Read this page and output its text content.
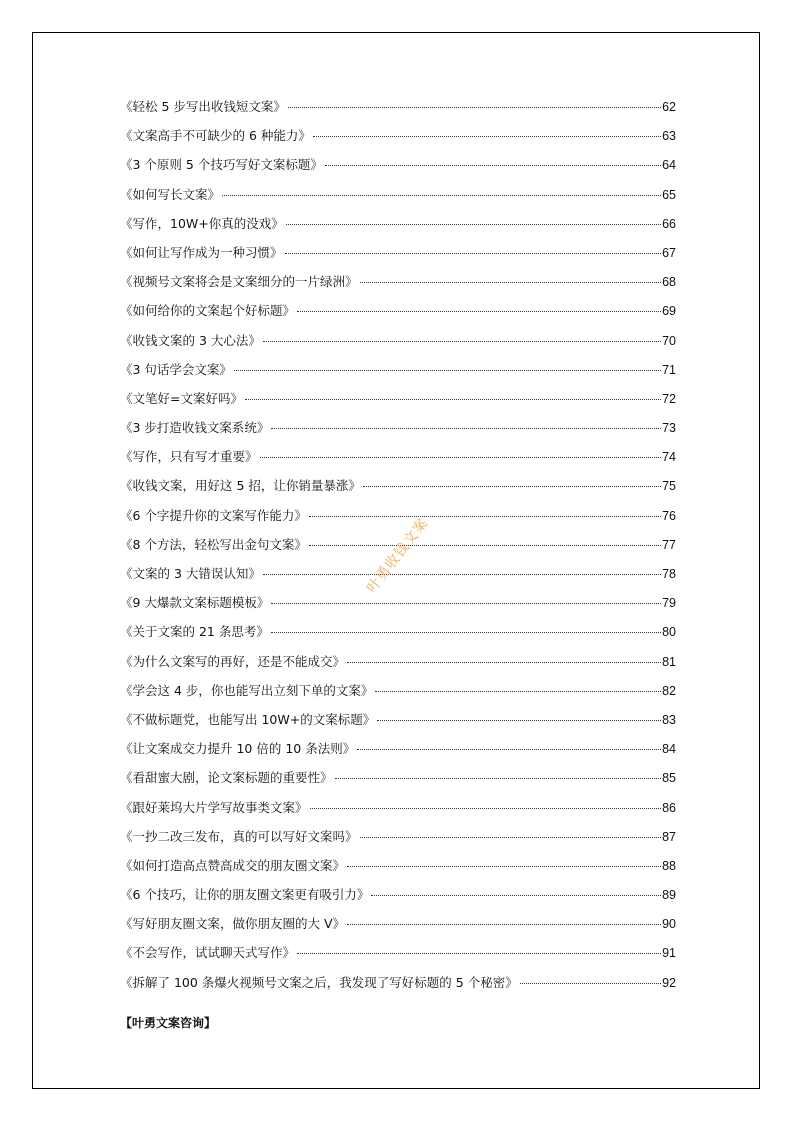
《轻松 5 步写出收钱短文案》	62
《文案高手不可缺少的 6 种能力》	63
《3 个原则 5 个技巧写好文案标题》	64
《如何写长文案》	65
《写作，10W+你真的没戏》	66
《如何让写作成为一种习惯》	67
《视频号文案将会是文案细分的一片绿洲》	68
《如何给你的文案起个好标题》	69
《收钱文案的 3 大心法》	70
《3 句话学会文案》	71
《文笔好=文案好吗》	72
《3 步打造收钱文案系统》	73
《写作，只有写才重要》	74
《收钱文案，用好这 5 招，让你销量暴涨》	75
《6 个字提升你的文案写作能力》	76
《8 个方法，轻松写出金句文案》	77
《文案的 3 大错误认知》	78
《9 大爆款文案标题模板》	79
《关于文案的 21 条思考》	80
《为什么文案写的再好，还是不能成交》	81
《学会这 4 步，你也能写出立刻下单的文案》	82
《不做标题党，也能写出 10W+的文案标题》	83
《让文案成交力提升 10 倍的 10 条法则》	84
《看甜蜜大剧，论文案标题的重要性》	85
《跟好莱坞大片学写故事类文案》	86
《一抄二改三发布，真的可以写好文案吗》	87
《如何打造高点赞高成交的朋友圈文案》	88
《6 个技巧，让你的朋友圈文案更有吸引力》	89
《写好朋友圈文案，做你朋友圈的大 V》	90
《不会写作，试试聊天式写作》	91
《拆解了 100 条爆火视频号文案之后，我发现了写好标题的 5 个秘密》	92
【叶勇文案咨询】
叶勇收钱文案
